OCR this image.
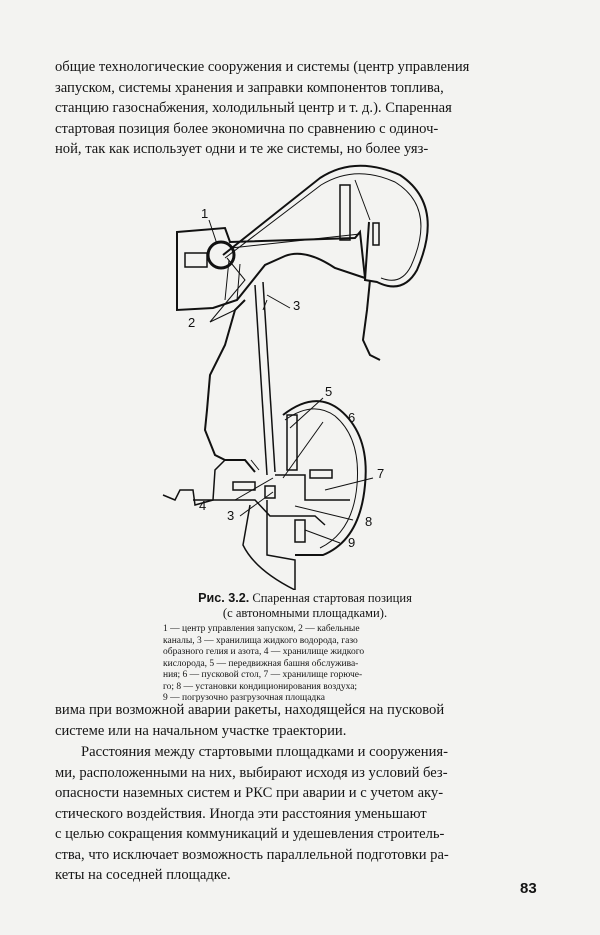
общие технологические сооружения и системы (центр управления
запуском, системы хранения и заправки компонентов топлива,
станцию газоснабжения, холодильный центр и т. д.). Спаренная
стартовая позиция более экономична по сравнению с одиноч-
ной, так как использует одни и те же системы, но более уяз-

1
2
3
5
6
7
4
3	8
9

Рис. 3.2. Спаренная стартовая позиция
(с автономными площадками).

1 — центр управления запуском, 2 — кабельные
каналы, 3 — хранилища жидкого водорода, газо
образного гелия и азота, 4 — хранилище жидкого
кислорода, 5 — передвижная башня обслужива-
ния; 6 — пусковой стол, 7 — хранилище горюче-
го; 8 — установки кондиционирования воздуха;
9 — погрузочно разгрузочная площадка

вима при возможной аварии ракеты, находящейся на пусковой
системе или на начальном участке траектории.

Расстояния между стартовыми площадками и сооружения-
ми, расположенными на них, выбирают исходя из условий без-
опасности наземных систем и РКС при аварии и с учетом аку-
стического воздействия. Иногда эти расстояния уменьшают
с целью сокращения коммуникаций и удешевления строитель-
ства, что исключает возможность параллельной подготовки ра-
кеты на соседней площадке.

83
